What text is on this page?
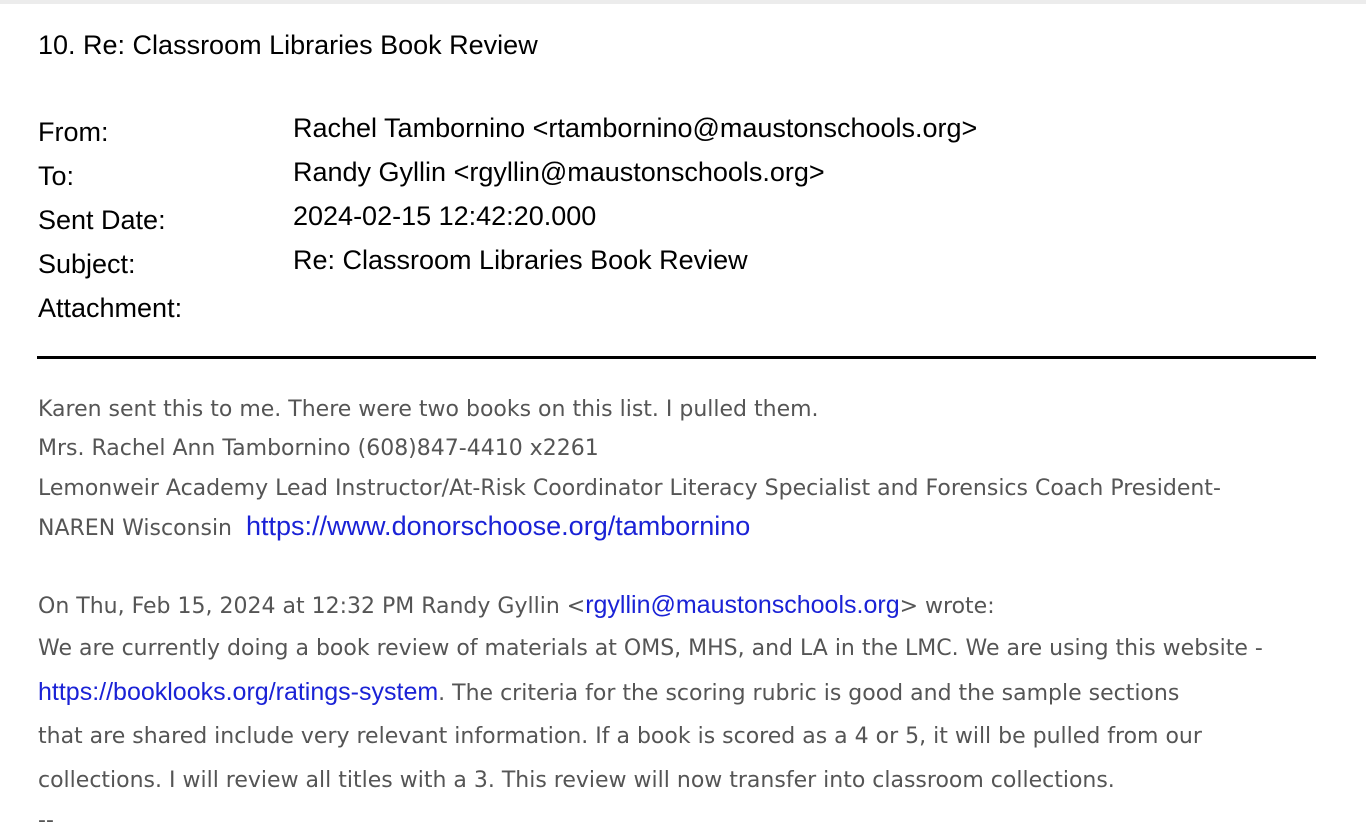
10. Re: Classroom Libraries Book Review
From:	Rachel Tambornino <rtambornino@maustonschools.org>
To:	Randy Gyllin <rgyllin@maustonschools.org>
Sent Date:	2024-02-15 12:42:20.000
Subject:	Re: Classroom Libraries Book Review
Attachment:
Karen sent this to me. There were two books on this list. I pulled them.
Mrs. Rachel Ann Tambornino (608)847-4410 x2261
Lemonweir Academy Lead Instructor/At-Risk Coordinator Literacy Specialist and Forensics Coach President-
NAREN Wisconsin https://www.donorschoose.org/tambornino
On Thu, Feb 15, 2024 at 12:32 PM Randy Gyllin <rgyllin@maustonschools.org> wrote:
We are currently doing a book review of materials at OMS, MHS, and LA in the LMC. We are using this website -
https://booklooks.org/ratings-system. The criteria for the scoring rubric is good and the sample sections
that are shared include very relevant information. If a book is scored as a 4 or 5, it will be pulled from our
collections. I will review all titles with a 3. This review will now transfer into classroom collections.
--
